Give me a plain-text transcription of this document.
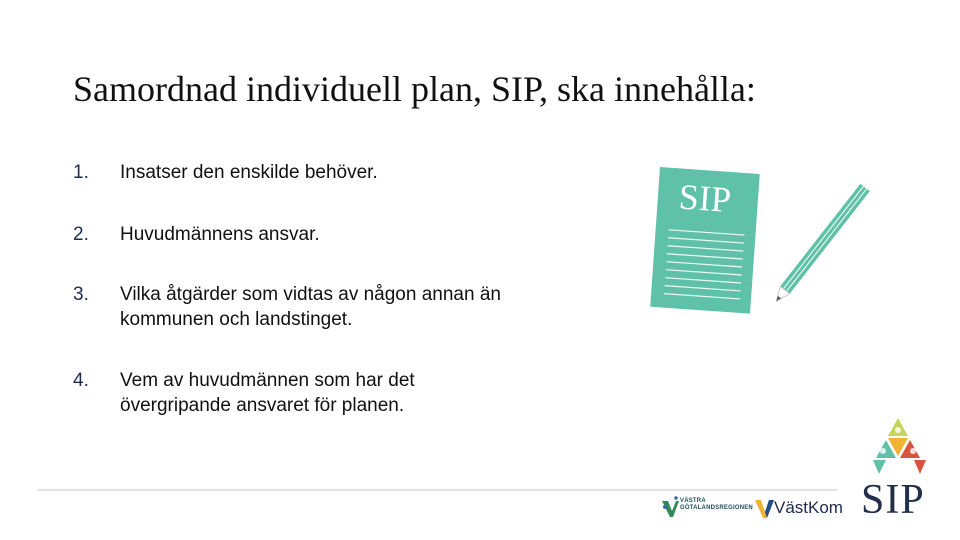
Samordnad individuell plan, SIP, ska innehålla:
1.	Insatser den enskilde behöver.
2.	Huvudmännens ansvar.
3.	Vilka åtgärder som vidtas av någon annan än kommunen och landstinget.
4.	Vem av huvudmännen som har det övergripande ansvaret för planen.
SIP
VÄSTRA GÖTALANDSREGIONEN VästKom SIP
